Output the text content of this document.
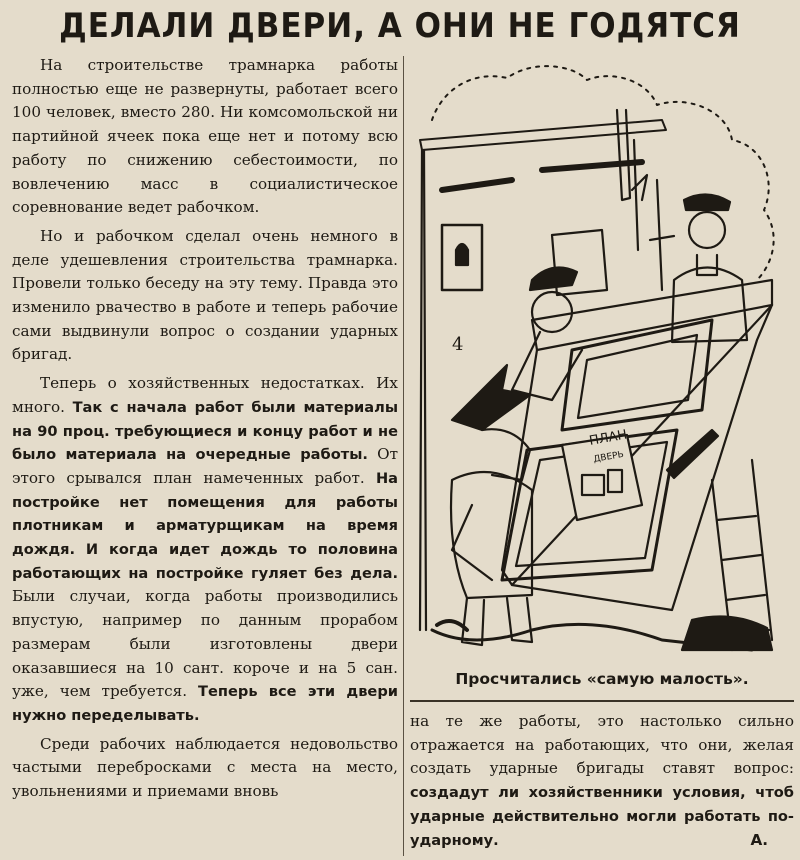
ДЕЛАЛИ ДВЕРИ, А ОНИ НЕ ГОДЯТСЯ

На строительстве трамнарка работы полностью еще не развернуты, работает всего 100 человек, вместо 280. Ни комсомольской ни партийной ячеек пока еще нет и потому всю работу по снижению себестоимости, по вовлечению масс в социалистическое соревнование ведет рабочком.

Но и рабочком сделал очень немного в деле удешевления строительства трамнарка. Провели только беседу на эту тему. Правда это изменило рвачество в работе и теперь рабочие сами выдвинули вопрос о создании ударных бригад.

Теперь о хозяйственных недостатках. Их много. Так с начала работ были материалы на 90 проц. требующиеся и концу работ и не было материала на очередные работы. От этого срывался план намеченных работ. На постройке нет помещения для работы плотникам и арматурщикам на время дождя. И когда идет дождь то половина работающих на постройке гуляет без дела. Были случаи, когда работы производились впустую, например по данным прорабом размерам были изготовлены двери оказавшиеся на 10 сант. короче и на 5 сан. уже, чем требуется. Теперь все эти двери нужно переделывать.

Среди рабочих наблюдается недовольство частыми перебросками с места на место, увольнениями и приемами вновь

ПЛАН
ДВЕРЬ
4
Просчитались «самую малость».

на те же работы, это настолько сильно отражается на работающих, что они, желая создать ударные бригады ставят вопрос: создадут ли хозяйственники условия, чтоб ударные действительно могли работать по-ударному.	А.
